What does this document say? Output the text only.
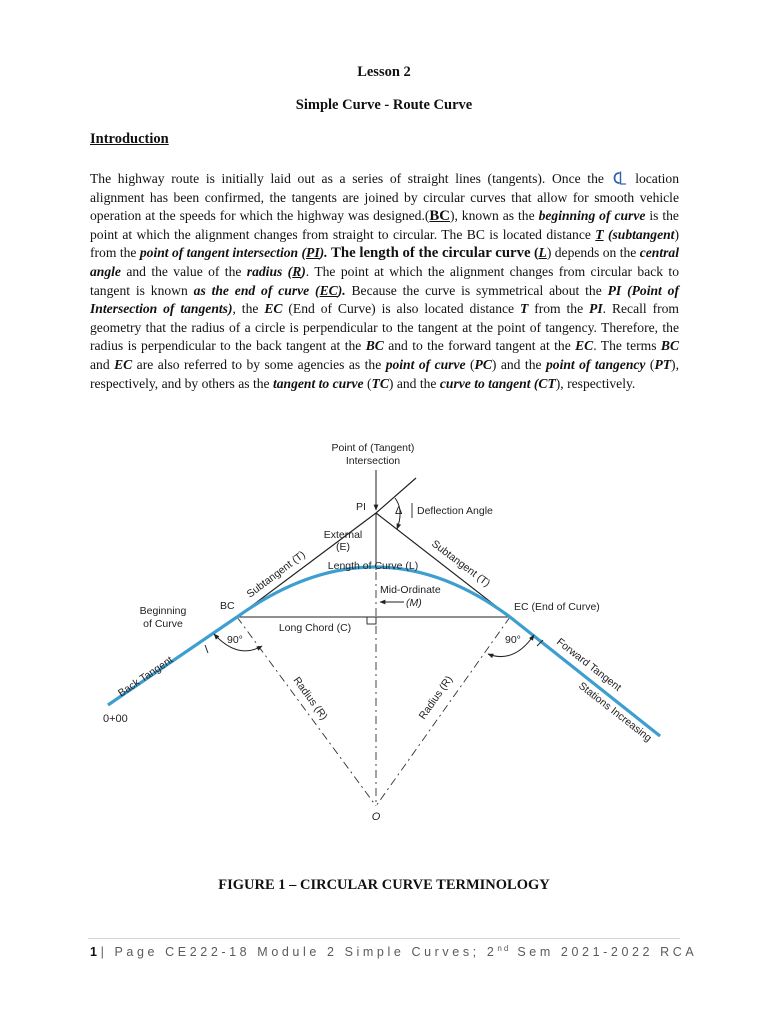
Lesson 2
Simple Curve - Route Curve
Introduction
The highway route is initially laid out as a series of straight lines (tangents). Once the  location alignment has been confirmed, the tangents are joined by circular curves that allow for smooth vehicle operation at the speeds for which the highway was designed.(BC), known as the beginning of curve is the point at which the alignment changes from straight to circular. The BC is located distance T (subtangent) from the point of tangent intersection (PI). The length of the circular curve (L) depends on the central angle and the value of the radius (R). The point at which the alignment changes from circular back to tangent is known as the end of curve (EC). Because the curve is symmetrical about the PI (Point of Intersection of tangents), the EC (End of Curve) is also located distance T from the PI. Recall from geometry that the radius of a circle is perpendicular to the tangent at the point of tangency. Therefore, the radius is perpendicular to the back tangent at the BC and to the forward tangent at the EC. The terms BC and EC are also referred to by some agencies as the point of curve (PC) and the point of tangency (PT), respectively, and by others as the tangent to curve (TC) and the curve to tangent (CT), respectively.
Point of (Tangent)
Intersection
PI	Δ Deflection Angle
External
(E)
Length of Curve (L)
Subtangent (T)	Subtangent (T)
Mid-Ordinate
(M)
BC	EC (End of Curve)
Beginning
of Curve	Long Chord (C)
90°	90°
Back Tangent	Forward Tangent
Stations Increasing
Radius (R)	Radius (R)
0+00
O
FIGURE 1 – CIRCULAR CURVE TERMINOLOGY
1| Page CE222-18 Module 2 Simple Curves; 2nd Sem 2021-2022 RCA
